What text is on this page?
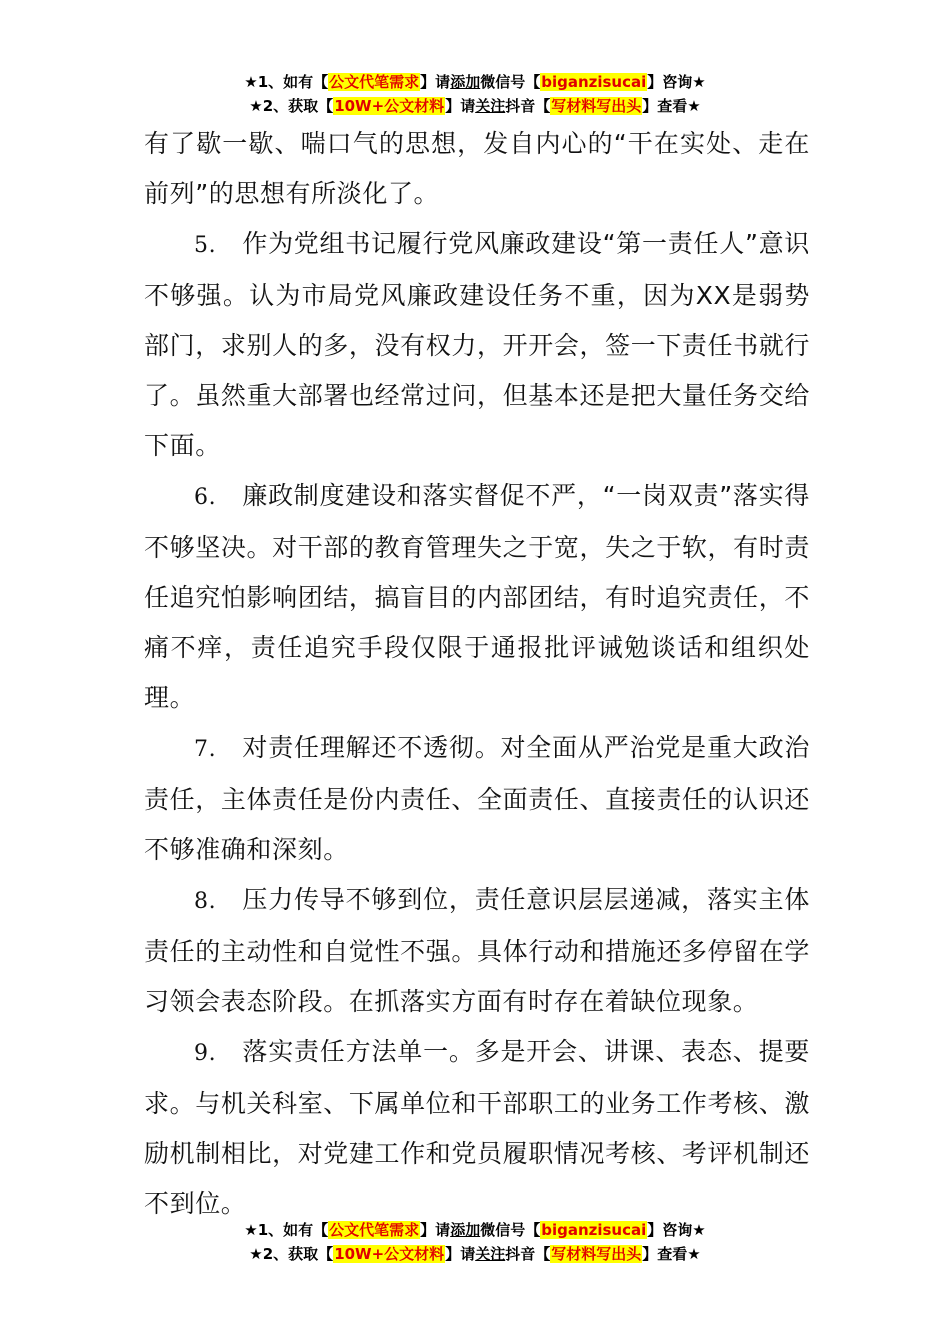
★1、如有【公文代笔需求】请添加微信号【biganzisucai】咨询★
★2、获取【10W+公文材料】请关注抖音【写材料写出头】查看★

有了歇一歇、喘口气的思想，发自内心的“干在实处、走在前列”的思想有所淡化了。

5. 作为党组书记履行党风廉政建设“第一责任人”意识不够强。认为市局党风廉政建设任务不重，因为XX是弱势部门，求别人的多，没有权力，开开会，签一下责任书就行了。虽然重大部署也经常过问，但基本还是把大量任务交给下面。

6. 廉政制度建设和落实督促不严，“一岗双责”落实得不够坚决。对干部的教育管理失之于宽，失之于软，有时责任追究怕影响团结，搞盲目的内部团结，有时追究责任，不痛不痒，责任追究手段仅限于通报批评诫勉谈话和组织处理。

7. 对责任理解还不透彻。对全面从严治党是重大政治责任，主体责任是份内责任、全面责任、直接责任的认识还不够准确和深刻。

8. 压力传导不够到位，责任意识层层递减，落实主体责任的主动性和自觉性不强。具体行动和措施还多停留在学习领会表态阶段。在抓落实方面有时存在着缺位现象。

9. 落实责任方法单一。多是开会、讲课、表态、提要求。与机关科室、下属单位和干部职工的业务工作考核、激励机制相比，对党建工作和党员履职情况考核、考评机制还不到位。

★1、如有【公文代笔需求】请添加微信号【biganzisucai】咨询★
★2、获取【10W+公文材料】请关注抖音【写材料写出头】查看★
